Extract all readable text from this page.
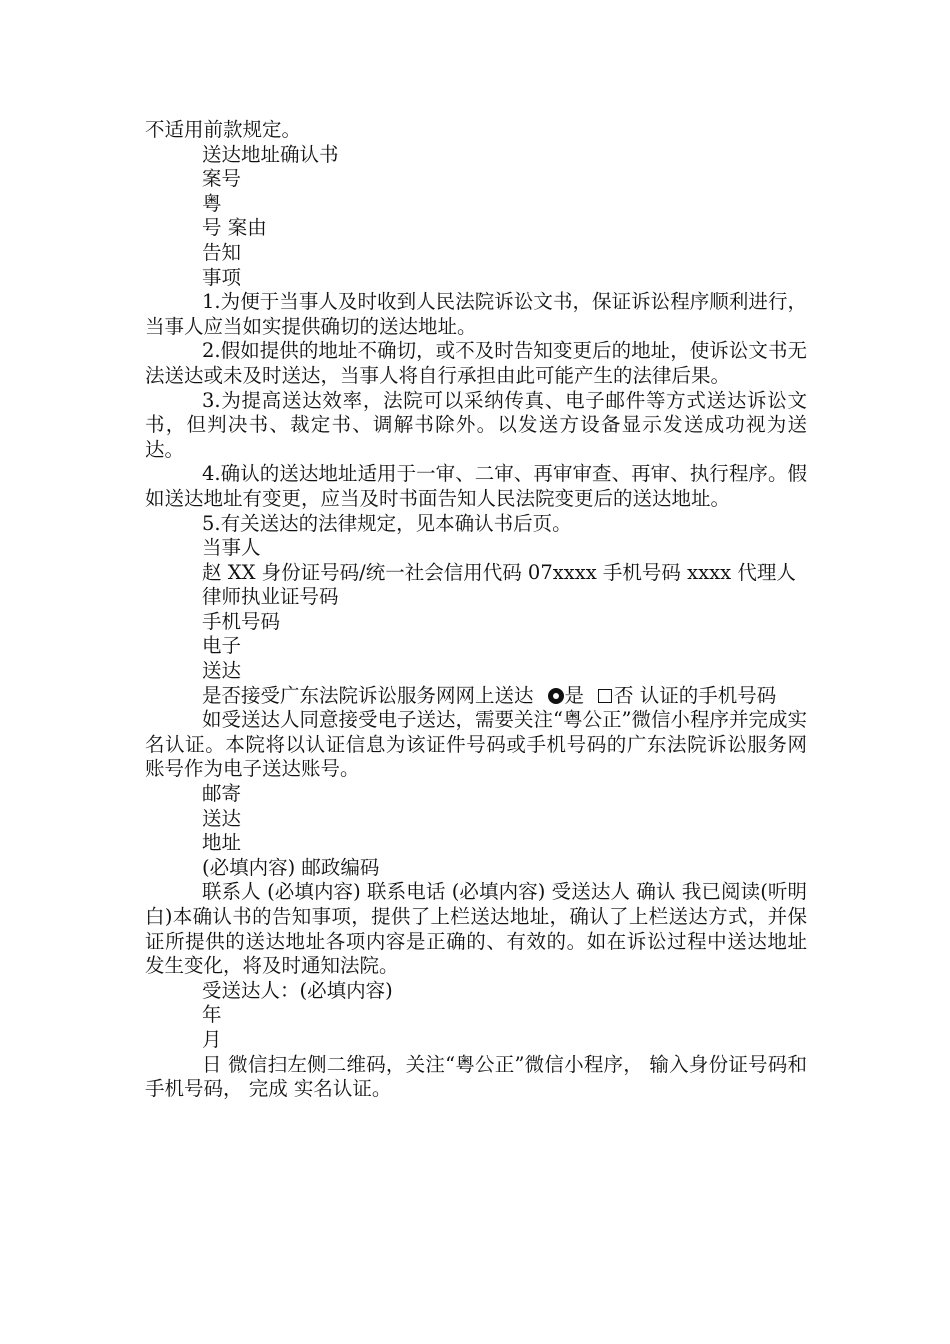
不适用前款规定。

送达地址确认书

案号

粤

号 案由

告知

事项

1.为便于当事人及时收到人民法院诉讼文书，保证诉讼程序顺利进行，当事人应当如实提供确切的送达地址。

2.假如提供的地址不确切，或不及时告知变更后的地址，使诉讼文书无法送达或未及时送达，当事人将自行承担由此可能产生的法律后果。

3.为提高送达效率，法院可以采纳传真、电子邮件等方式送达诉讼文书，但判决书、裁定书、调解书除外。以发送方设备显示发送成功视为送达。

4.确认的送达地址适用于一审、二审、再审审查、再审、执行程序。假如送达地址有变更，应当及时书面告知人民法院变更后的送达地址。

5.有关送达的法律规定，见本确认书后页。

当事人

赵 XX 身份证号码/统一社会信用代码 07xxxx 手机号码 xxxx 代理人

律师执业证号码

手机号码

电子

送达

是否接受广东法院诉讼服务网网上送达 是 否 认证的手机号码

如受送达人同意接受电子送达，需要关注“粤公正”微信小程序并完成实名认证。本院将以认证信息为该证件号码或手机号码的广东法院诉讼服务网账号作为电子送达账号。

邮寄

送达

地址

(必填内容) 邮政编码

联系人 (必填内容) 联系电话 (必填内容) 受送达人 确认 我已阅读(听明白)本确认书的告知事项，提供了上栏送达地址，确认了上栏送达方式，并保证所提供的送达地址各项内容是正确的、有效的。如在诉讼过程中送达地址发生变化，将及时通知法院。

受送达人：(必填内容)

年

月

日 微信扫左侧二维码，关注“粤公正”微信小程序， 输入身份证号码和手机号码， 完成 实名认证。
